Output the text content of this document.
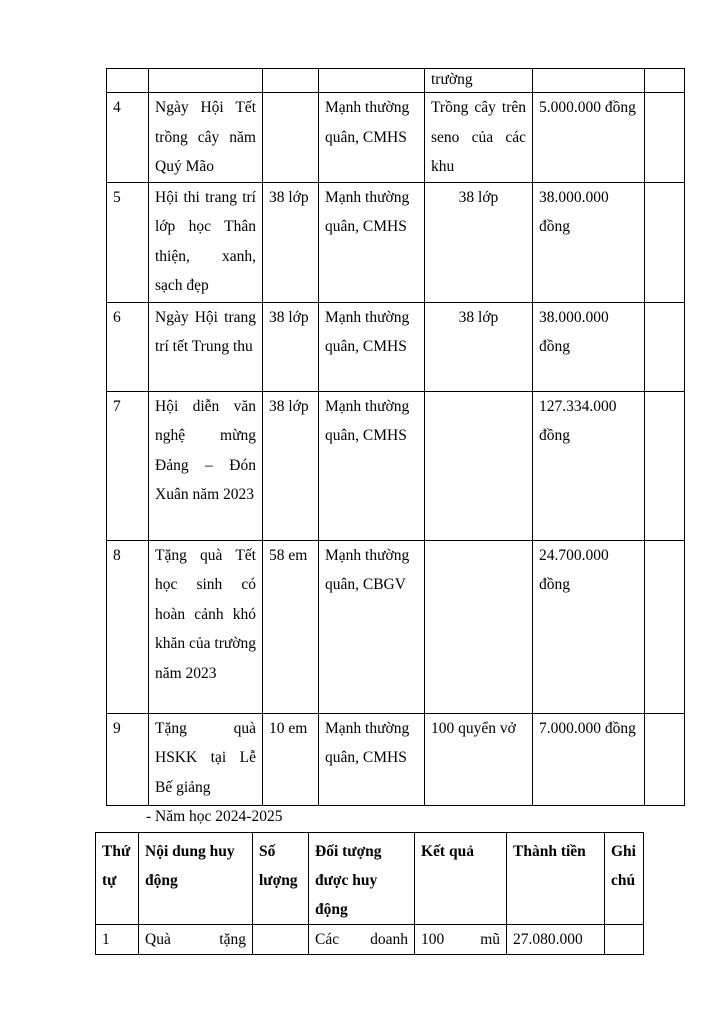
				trường		
4	Ngày Hội Tết trồng cây năm Quý Mão		Mạnh thường quân, CMHS	Trồng cây trên seno của các khu	5.000.000 đồng	
5	Hội thi trang trí lớp học Thân thiện, xanh, sạch đẹp	38 lớp	Mạnh thường quân, CMHS	38 lớp	38.000.000 đồng	
6	Ngày Hội trang trí tết Trung thu	38 lớp	Mạnh thường quân, CMHS	38 lớp	38.000.000 đồng	
7	Hội diễn văn nghệ mừng Đảng – Đón Xuân năm 2023	38 lớp	Mạnh thường quân, CMHS		127.334.000 đồng	
8	Tặng quà Tết học sinh có hoàn cảnh khó khăn của trường năm 2023	58 em	Mạnh thường quân, CBGV		24.700.000 đồng	
9	Tặng quà HSKK tại Lễ Bế giảng	10 em	Mạnh thường quân, CMHS	100 quyển vở	7.000.000 đồng	
- Năm học 2024-2025
Thứ tự	Nội dung huy động	Số lượng	Đối tượng được huy động	Kết quả	Thành tiền	Ghi chú
1	Quà tặng		Các doanh	100 mũ	27.080.000	
